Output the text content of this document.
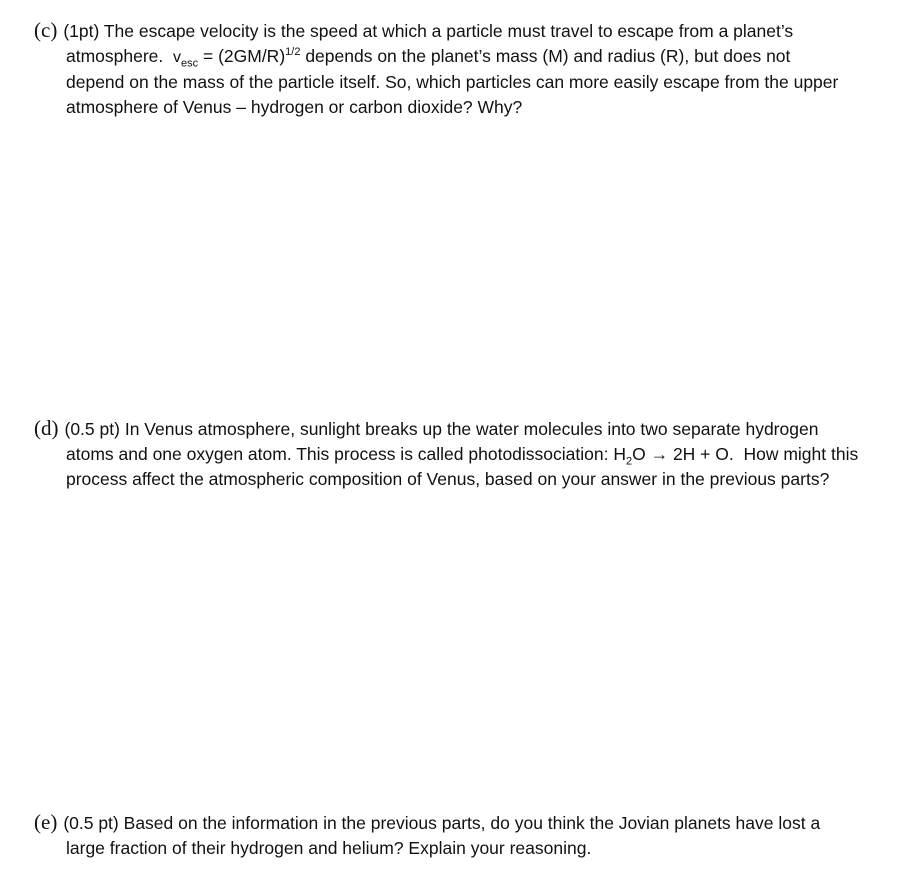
(c) (1pt) The escape velocity is the speed at which a particle must travel to escape from a planet’s
atmosphere.  $v_{esc} = (2GM/R)^{1/2}$ depends on the planet’s mass (M) and radius (R), but does not
depend on the mass of the particle itself. So, which particles can more easily escape from the upper
atmosphere of Venus – hydrogen or carbon dioxide? Why?
(d) (0.5 pt) In Venus atmosphere, sunlight breaks up the water molecules into two separate hydrogen
atoms and one oxygen atom. This process is called photodissociation: $H_2O \to 2H + O$.  How might this
process affect the atmospheric composition of Venus, based on your answer in the previous parts?
(e) (0.5 pt) Based on the information in the previous parts, do you think the Jovian planets have lost a
large fraction of their hydrogen and helium? Explain your reasoning.
